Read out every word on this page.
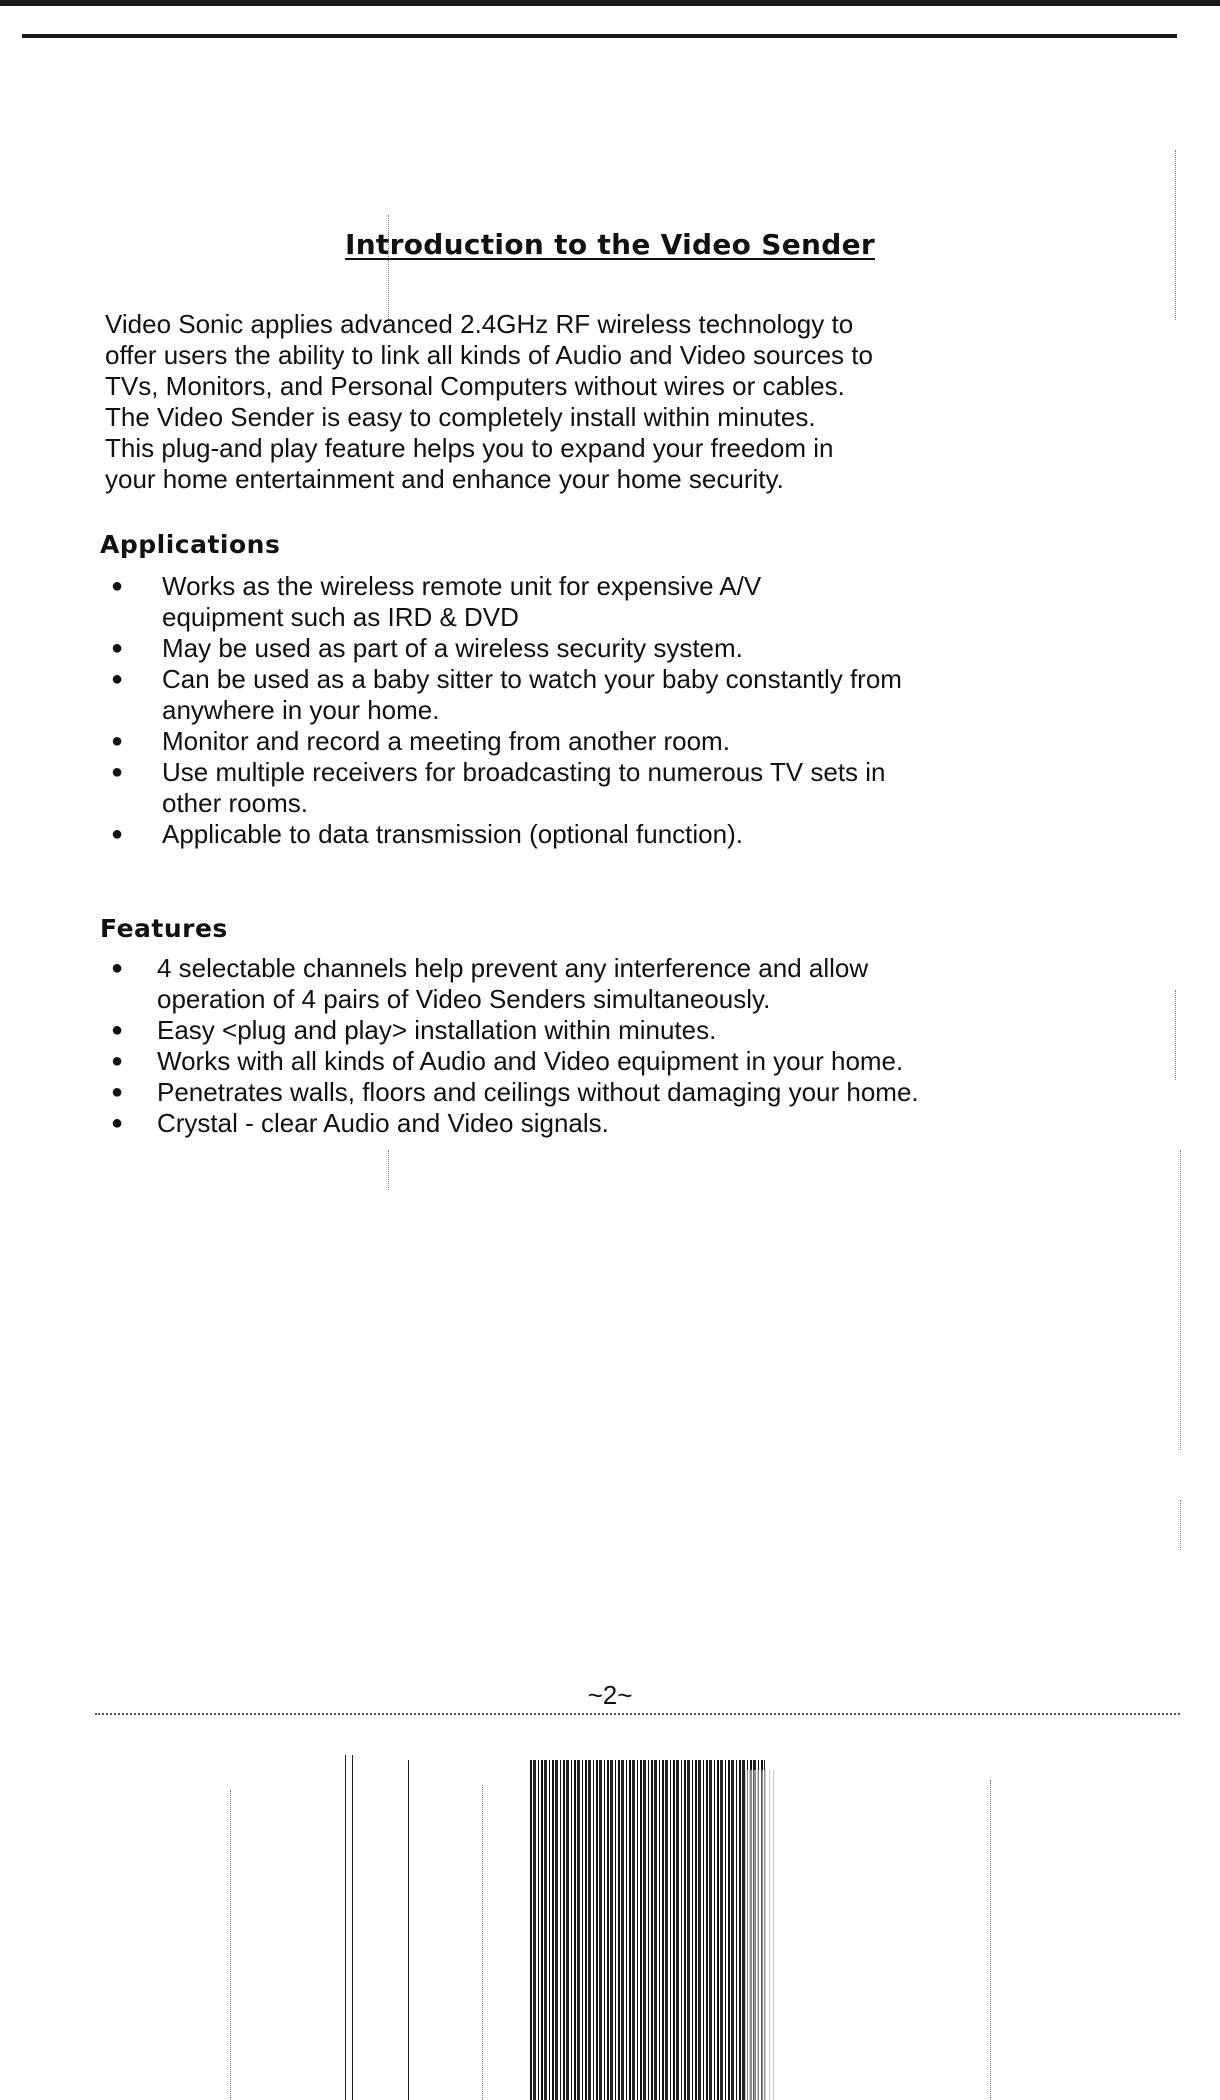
Introduction to the Video Sender

Video Sonic applies advanced 2.4GHz RF wireless technology to
offer users the ability to link all kinds of Audio and Video sources to
TVs, Monitors, and Personal Computers without wires or cables.
The Video Sender is easy to completely install within minutes.
This plug-and play feature helps you to expand your freedom in
your home entertainment and enhance your home security.

Applications
● Works as the wireless remote unit for expensive A/V
equipment such as IRD & DVD
● May be used as part of a wireless security system.
● Can be used as a baby sitter to watch your baby constantly from
anywhere in your home.
● Monitor and record a meeting from another room.
● Use multiple receivers for broadcasting to numerous TV sets in
other rooms.
● Applicable to data transmission (optional function).
Features
● 4 selectable channels help prevent any interference and allow
operation of 4 pairs of Video Senders simultaneously.
● Easy <plug and play> installation within minutes.
● Works with all kinds of Audio and Video equipment in your home.
● Penetrates walls, floors and ceilings without damaging your home.
● Crystal - clear Audio and Video signals.
~2~
